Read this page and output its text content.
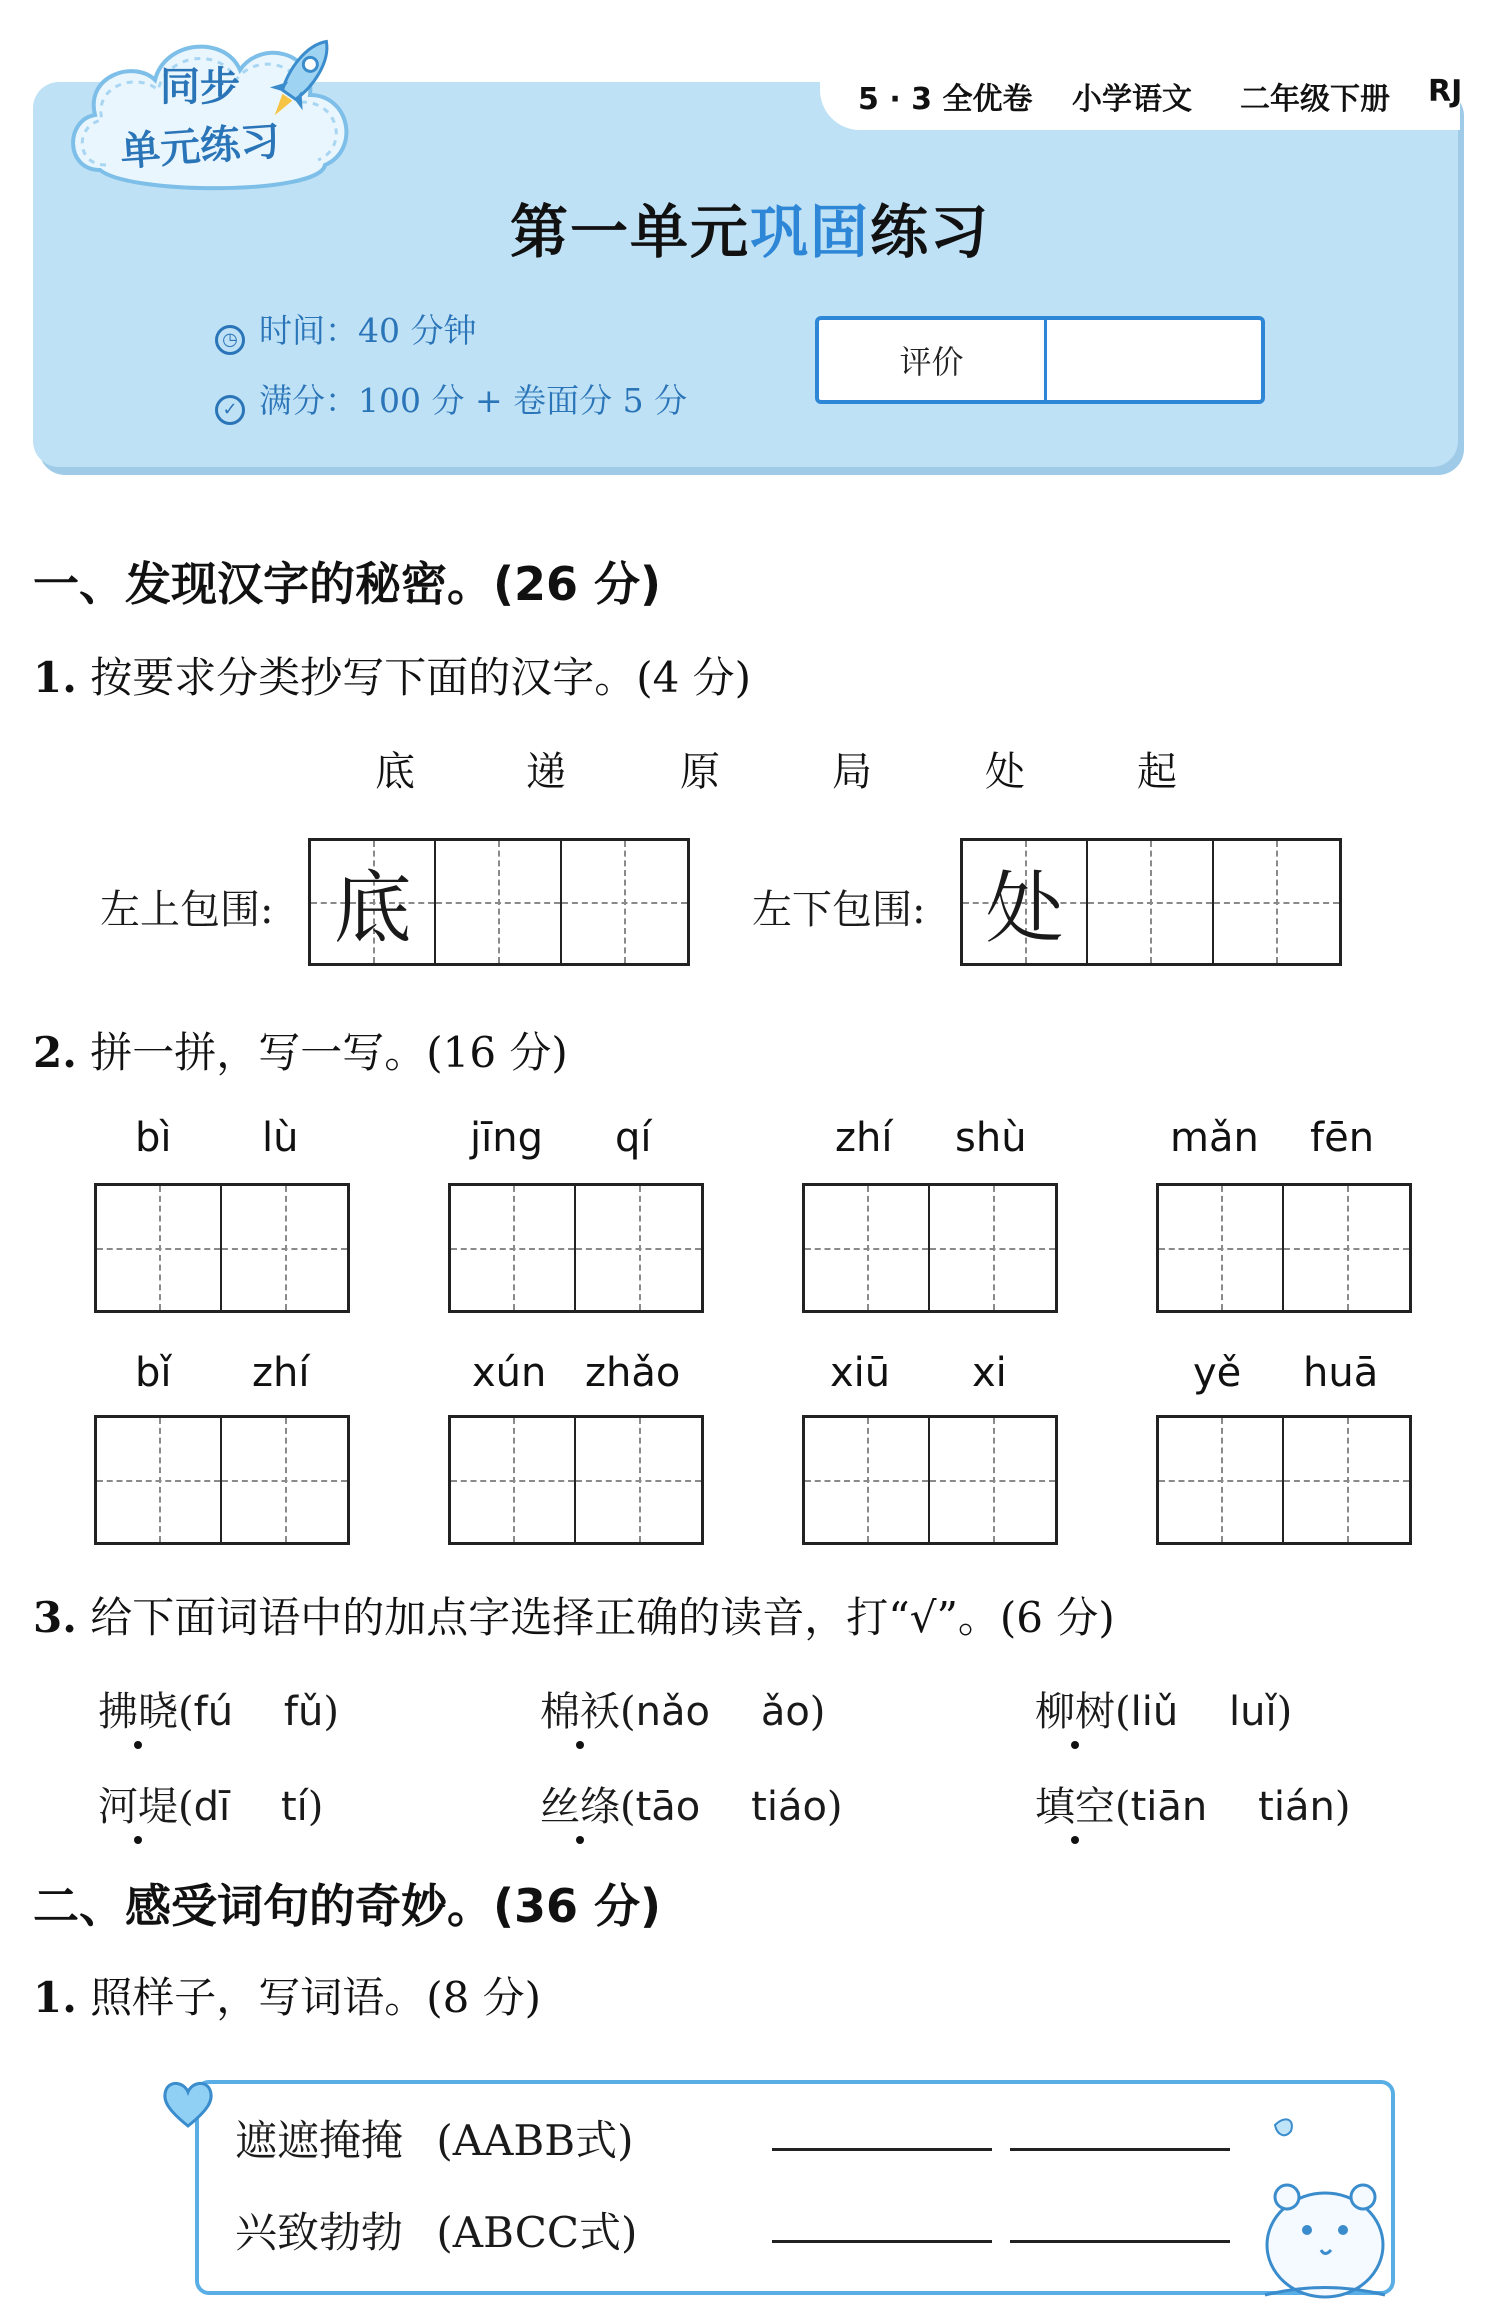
5 · 3 全优卷 小学语文 二年级下册 RJ
同步
单元练习
第一单元巩固练习
◷ 时间：40 分钟
✓ 满分：100 分 + 卷面分 5 分
评价
一、发现汉字的秘密。(26 分)
1. 按要求分类抄写下面的汉字。(4 分)
底	递	原	局	处	起
左上包围: 底	左下包围: 处
2. 拼一拼，写一写。(16 分)
bì lù	jīng qí	zhí shù	mǎn fēn
bǐ zhí	xún zhǎo	xiū xi	yě huā
3. 给下面词语中的加点字选择正确的读音，打“√”。(6 分)
拂晓(fú fǔ)	棉袄(nǎo ǎo)	柳树(liǔ luǐ)
河堤(dī tí)	丝绦(tāo tiáo)	填空(tiān tián)
二、感受词句的奇妙。(36 分)
1. 照样子，写词语。(8 分)
遮遮掩掩 (AABB式)
兴致勃勃 (ABCC式)
